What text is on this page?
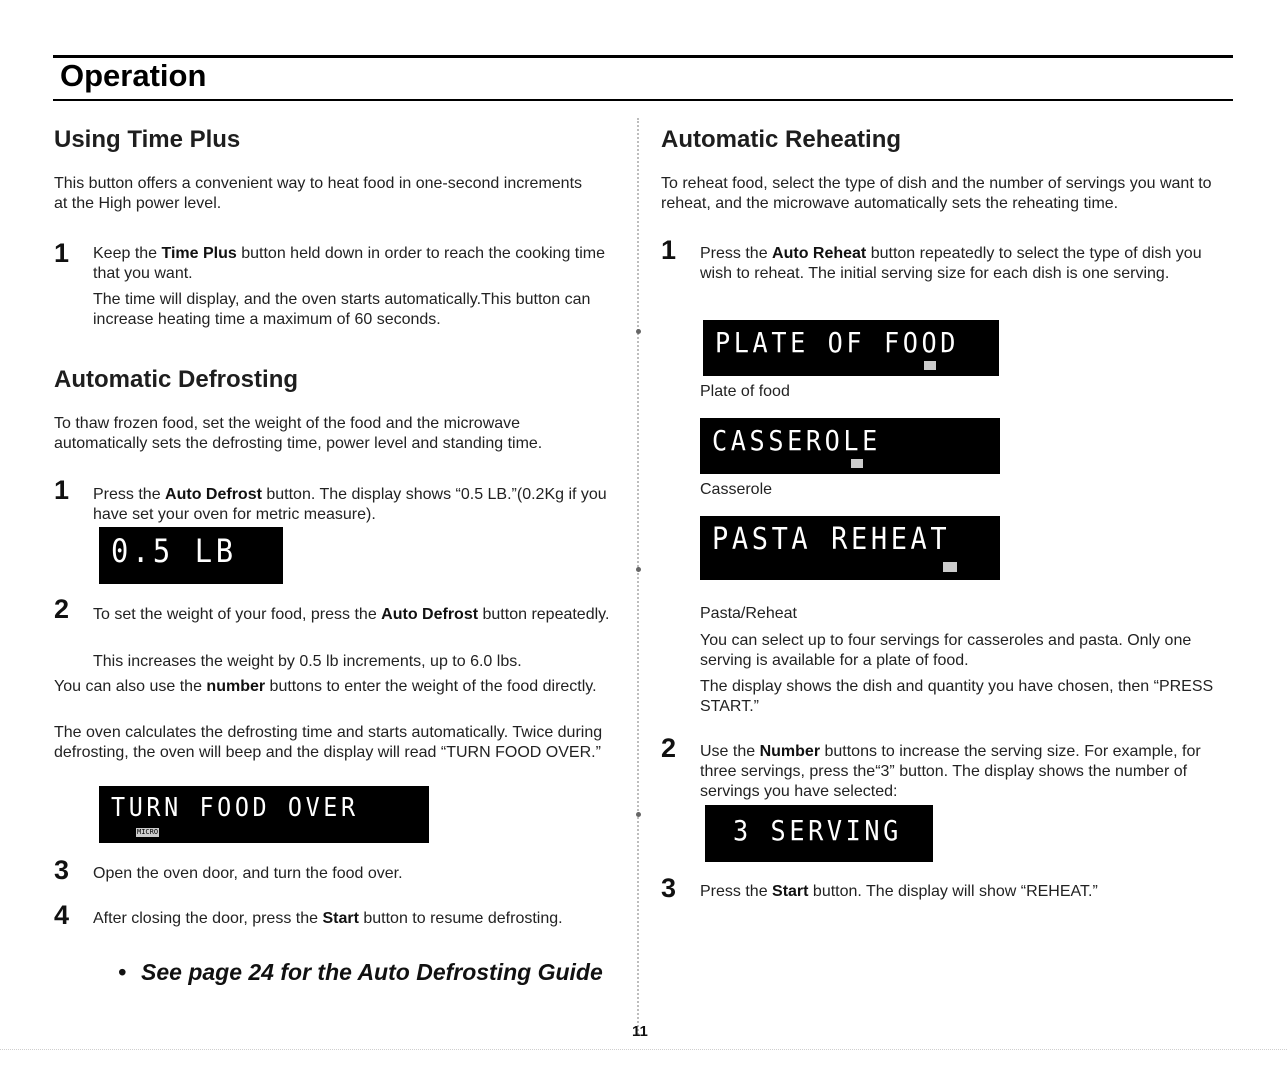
Operation
Using Time Plus
This button offers a convenient way to heat food in one-second increments at the High power level.
1 Keep the Time Plus button held down in order to reach the cooking time that you want.
The time will display, and the oven starts automatically.This button can increase heating time a maximum of 60 seconds.
Automatic Defrosting
To thaw frozen food, set the weight of the food and the microwave automatically sets the defrosting time, power level and standing time.
1 Press the Auto Defrost button. The display shows “0.5 LB.”(0.2Kg if you have set your oven for metric measure).
0.5 LB
2 To set the weight of your food, press the Auto Defrost button repeatedly.
This increases the weight by 0.5 lb increments, up to 6.0 lbs.
You can also use the number buttons to enter the weight of the food directly.
The oven calculates the defrosting time and starts automatically. Twice during defrosting, the oven will beep and the display will read “TURN FOOD OVER.”
TURN FOOD OVER
MICRO
3 Open the oven door, and turn the food over.
4 After closing the door, press the Start button to resume defrosting.
• See page 24 for the Auto Defrosting Guide
Automatic Reheating
To reheat food, select the type of dish and the number of servings you want to reheat, and the microwave automatically sets the reheating time.
1 Press the Auto Reheat button repeatedly to select the type of dish you wish to reheat. The initial serving size for each dish is one serving.
PLATE OF FOOD
Plate of food
CASSEROLE
Casserole
PASTA REHEAT
Pasta/Reheat
You can select up to four servings for casseroles and pasta. Only one serving is available for a plate of food.
The display shows the dish and quantity you have chosen, then “PRESS START.”
2 Use the Number buttons to increase the serving size. For example, for three servings, press the“3” button. The display shows the number of servings you have selected:
3 SERVING
3 Press the Start button. The display will show “REHEAT.”
11
